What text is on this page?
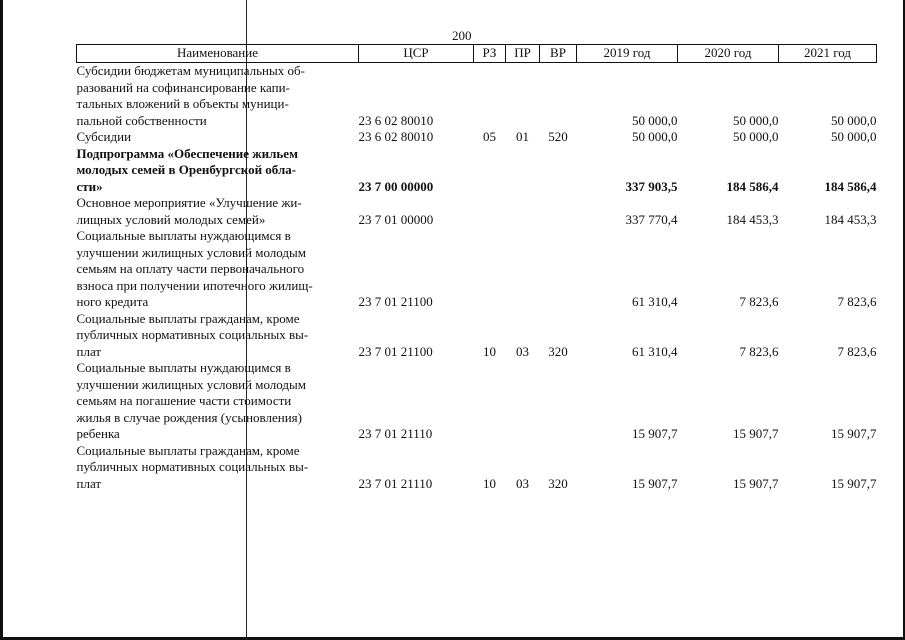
200
Наименование	ЦСР	РЗ	ПР	ВР	2019 год	2020 год	2021 год
Субсидии бюджетам муниципальных об-
разований на софинансирование капи-
тальных вложений в объекты муници-
пальной собственности	23 6 02 80010				50 000,0	50 000,0	50 000,0
Субсидии	23 6 02 80010	05	01	520	50 000,0	50 000,0	50 000,0
Подпрограмма «Обеспечение жильем
молодых семей в Оренбургской обла-
сти»	23 7 00 00000				337 903,5	184 586,4	184 586,4
Основное мероприятие «Улучшение жи-
лищных условий молодых семей»	23 7 01 00000				337 770,4	184 453,3	184 453,3
Социальные выплаты нуждающимся в
улучшении жилищных условий молодым
семьям на оплату части первоначального
взноса при получении ипотечного жилищ-
ного кредита	23 7 01 21100				61 310,4	7 823,6	7 823,6
Социальные выплаты гражданам, кроме
публичных нормативных социальных вы-
плат	23 7 01 21100	10	03	320	61 310,4	7 823,6	7 823,6
Социальные выплаты нуждающимся в
улучшении жилищных условий молодым
семьям на погашение части стоимости
жилья в случае рождения (усыновления)
ребенка	23 7 01 21110				15 907,7	15 907,7	15 907,7
Социальные выплаты гражданам, кроме
публичных нормативных социальных вы-
плат	23 7 01 21110	10	03	320	15 907,7	15 907,7	15 907,7
